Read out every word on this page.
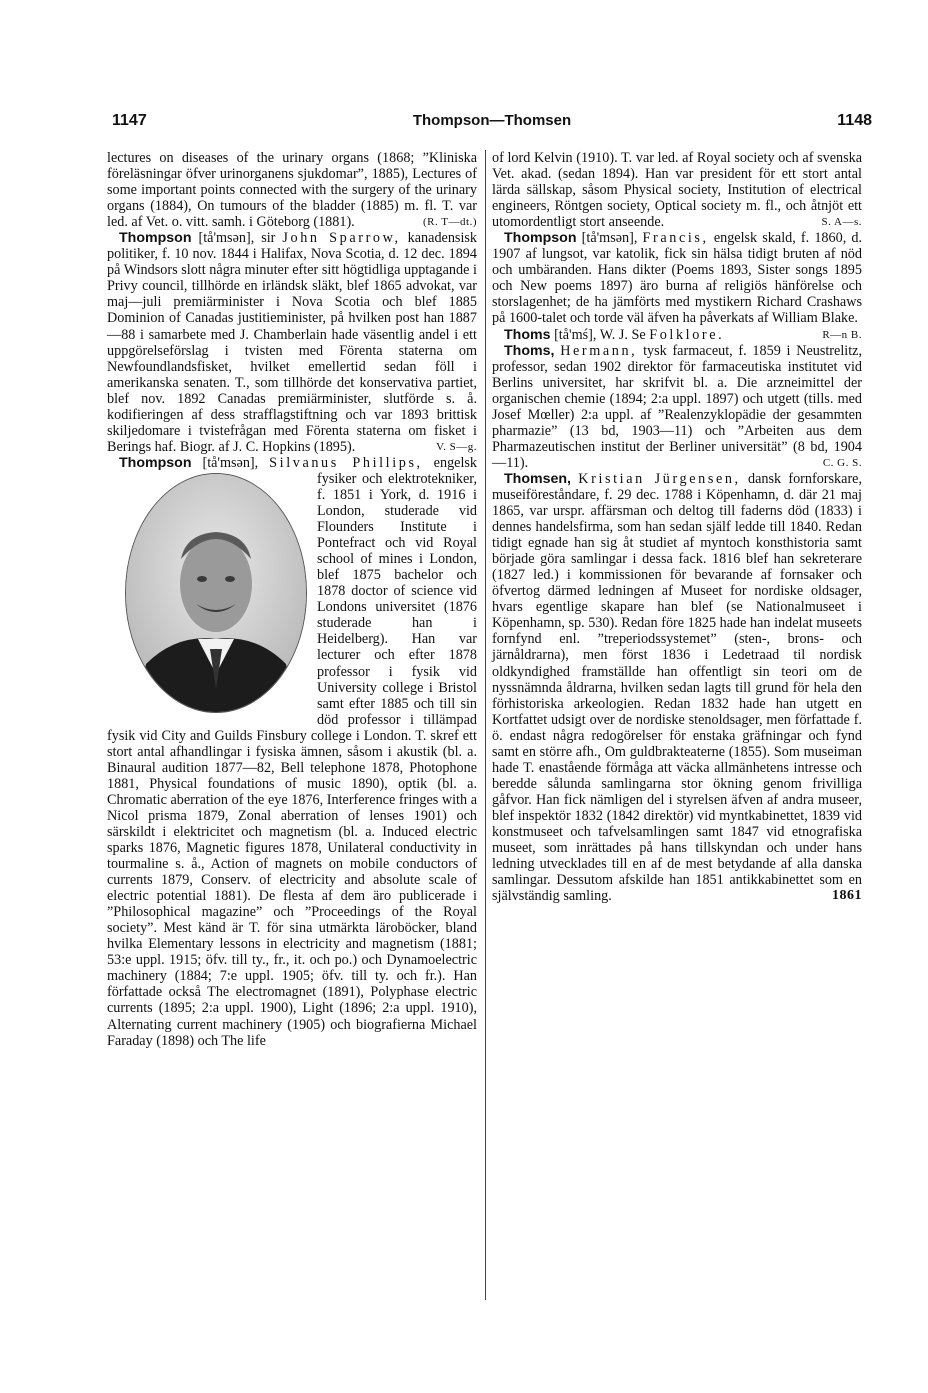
1147	Thompson—Thomsen	1148

lectures on diseases of the urinary organs (1868; ”Kliniska föreläsningar öfver urinorganens sjukdomar”, 1885), Lectures of some important points connected with the surgery of the urinary organs (1884), On tumours of the bladder (1885) m. fl. T. var led. af Vet. o. vitt. samh. i Göteborg (1881).	(R. T—dt.)

Thompson [tå'msən], sir John Sparrow, kanadensisk politiker, f. 10 nov. 1844 i Halifax, Nova Scotia, d. 12 dec. 1894 på Windsors slott några minuter efter sitt högtidliga upptagande i Privy council, tillhörde en irländsk släkt, blef 1865 advokat, var maj—juli premiärminister i Nova Scotia och blef 1885 Dominion of Canadas justitieminister, på hvilken post han 1887—88 i samarbete med J. Chamberlain hade väsentlig andel i ett uppgörelseförslag i tvisten med Förenta staterna om Newfoundlandsfisket, hvilket emellertid sedan föll i amerikanska senaten. T., som tillhörde det konservativa partiet, blef nov. 1892 Canadas premiärminister, slutförde s. å. kodifieringen af dess strafflagstiftning och var 1893 brittisk skiljedomare i tvistefrågan med Förenta staterna om fisket i Berings haf. Biogr. af J. C. Hopkins (1895).	V. S—g.

Thompson [tå'msən], Silvanus Phillips, engelsk fysiker och elektrotekniker, f. 1851 i York, d. 1916 i London, studerade vid Flounders Institute i Pontefract och vid Royal school of mines i London, blef 1875 bachelor och 1878 doctor of science vid Londons universitet (1876 studerade han i Heidelberg). Han var lecturer och efter 1878 professor i fysik vid University college i Bristol samt efter 1885 och till sin död professor i tillämpad fysik vid City and Guilds Finsbury college i London. T. skref ett stort antal afhandlingar i fysiska ämnen, såsom i akustik (bl. a. Binaural audition 1877—82, Bell telephone 1878, Photophone 1881, Physical foundations of music 1890), optik (bl. a. Chromatic aberration of the eye 1876, Interference fringes with a Nicol prisma 1879, Zonal aberration of lenses 1901) och särskildt i elektricitet och magnetism (bl. a. Induced electric sparks 1876, Magnetic figures 1878, Unilateral conductivity in tourmaline s. å., Action of magnets on mobile conductors of currents 1879, Conserv. of electricity and absolute scale of electric potential 1881). De flesta af dem äro publicerade i ”Philosophical magazine” och ”Proceedings of the Royal society”. Mest känd är T. för sina utmärkta läroböcker, bland hvilka Elementary lessons in electricity and magnetism (1881; 53:e uppl. 1915; öfv. till ty., fr., it. och po.) och Dynamoelectric machinery (1884; 7:e uppl. 1905; öfv. till ty. och fr.). Han författade också The electromagnet (1891), Polyphase electric currents (1895; 2:a uppl. 1900), Light (1896; 2:a uppl. 1910), Alternating current machinery (1905) och biografierna Michael Faraday (1898) och The life

of lord Kelvin (1910). T. var led. af Royal society och af svenska Vet. akad. (sedan 1894). Han var president för ett stort antal lärda sällskap, såsom Physical society, Institution of electrical engineers, Röntgen society, Optical society m. fl., och åtnjöt ett utomordentligt stort anseende.	S. A—s.

Thompson [tå'msən], Francis, engelsk skald, f. 1860, d. 1907 af lungsot, var katolik, fick sin hälsa tidigt bruten af nöd och umbäranden. Hans dikter (Poems 1893, Sister songs 1895 och New poems 1897) äro burna af religiös hänförelse och storslagenhet; de ha jämförts med mystikern Richard Crashaws på 1600-talet och torde väl äfven ha påverkats af William Blake.
R—n B.

Thoms [tå'mś], W. J. Se Folklore.

Thoms, Hermann, tysk farmaceut, f. 1859 i Neustrelitz, professor, sedan 1902 direktor för farmaceutiska institutet vid Berlins universitet, har skrifvit bl. a. Die arzneimittel der organischen chemie (1894; 2:a uppl. 1897) och utgett (tills. med Josef Mœller) 2:a uppl. af ”Realenzyklopädie der gesammten pharmazie” (13 bd, 1903—11) och ”Arbeiten aus dem Pharmazeutischen institut der Berliner universität” (8 bd, 1904—11).	C. G. S.

Thomsen, Kristian Jürgensen, dansk fornforskare, museiföreståndare, f. 29 dec. 1788 i Köpenhamn, d. där 21 maj 1865, var urspr. affärsman och deltog till faderns död (1833) i dennes handelsfirma, som han sedan själf ledde till 1840. Redan tidigt egnade han sig åt studiet af myntoch konsthistoria samt började göra samlingar i dessa fack. 1816 blef han sekreterare (1827 led.) i kommissionen för bevarande af fornsaker och öfvertog därmed ledningen af Museet for nordiske oldsager, hvars egentlige skapare han blef (se Nationalmuseet i Köpenhamn, sp. 530). Redan före 1825 hade han indelat museets fornfynd enl. ”treperiodssystemet” (sten-, brons- och järnåldrarna), men först 1836 i Ledetraad til nordisk oldkyndighed framställde han offentligt sin teori om de nyssnämnda åldrarna, hvilken sedan lagts till grund för hela den förhistoriska arkeologien. Redan 1832 hade han utgett en Kortfattet udsigt over de nordiske stenoldsager, men författade f. ö. endast några redogörelser för enstaka gräfningar och fynd samt en större afh., Om guldbrakteaterne (1855). Som museiman hade T. enastående förmåga att väcka allmänhetens intresse och beredde sålunda samlingarna stor ökning genom frivilliga gåfvor. Han fick nämligen del i styrelsen äfven af andra museer, blef inspektör 1832 (1842 direktör) vid myntkabinettet, 1839 vid konstmuseet och tafvelsamlingen samt 1847 vid etnografiska museet, som inrättades på hans tillskyndan och under hans ledning utvecklades till en af de mest betydande af alla danska samlingar. Dessutom afskilde han 1851 antikkabinettet som en självständig samling.	1861
